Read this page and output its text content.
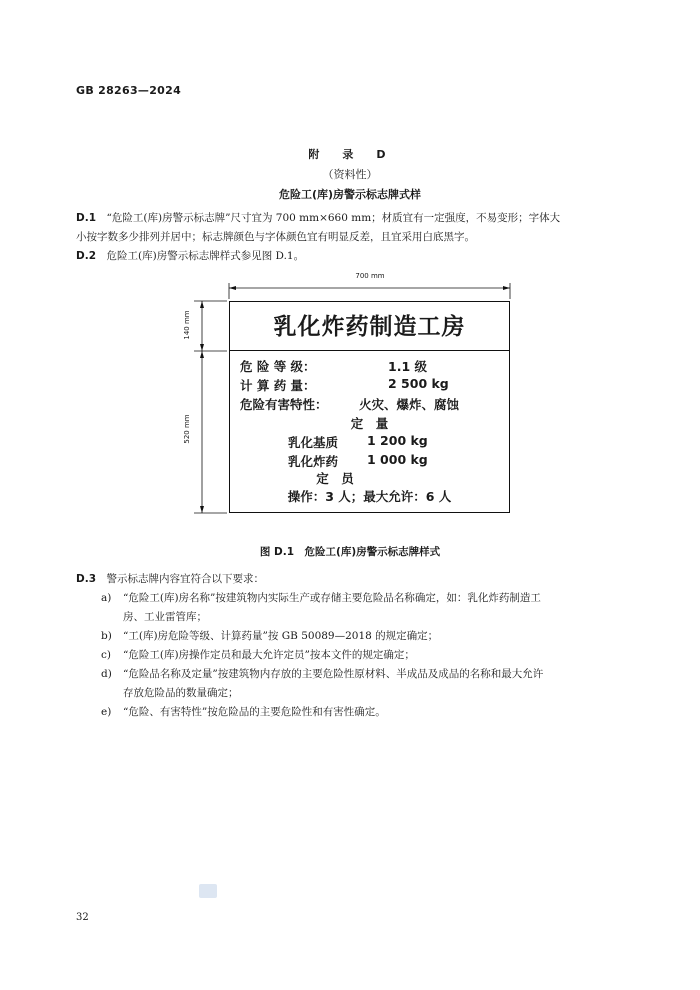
GB 28263—2024
附　录　D
（资料性）
危险工(库)房警示标志牌式样
D.1　“危险工(库)房警示标志牌”尺寸宜为 700 mm×660 mm；材质宜有一定强度，不易变形；字体大
小按字数多少排列并居中；标志牌颜色与字体颜色宜有明显反差，且宜采用白底黑字。
D.2　危险工(库)房警示标志牌样式参见图 D.1。
700 mm
140 mm
520 mm
乳化炸药制造工房
危 险 等 级：	1.1 级
计 算 药 量：	2 500 kg
危险有害特性：	火灾、爆炸、腐蚀
定　量
乳化基质 1 200 kg
乳化炸药 1 000 kg
定　员
操作：3 人；最大允许：6 人
图 D.1　危险工(库)房警示标志牌样式
D.3　警示标志牌内容宜符合以下要求：
a) “危险工(库)房名称”按建筑物内实际生产或存储主要危险品名称确定，如：乳化炸药制造工
房、工业雷管库；
b) “工(库)房危险等级、计算药量”按 GB 50089—2018 的规定确定；
c) “危险工(库)房操作定员和最大允许定员”按本文件的规定确定；
d) “危险品名称及定量”按建筑物内存放的主要危险性原材料、半成品及成品的名称和最大允许
存放危险品的数量确定；
e) “危险、有害特性”按危险品的主要危险性和有害性确定。
32
